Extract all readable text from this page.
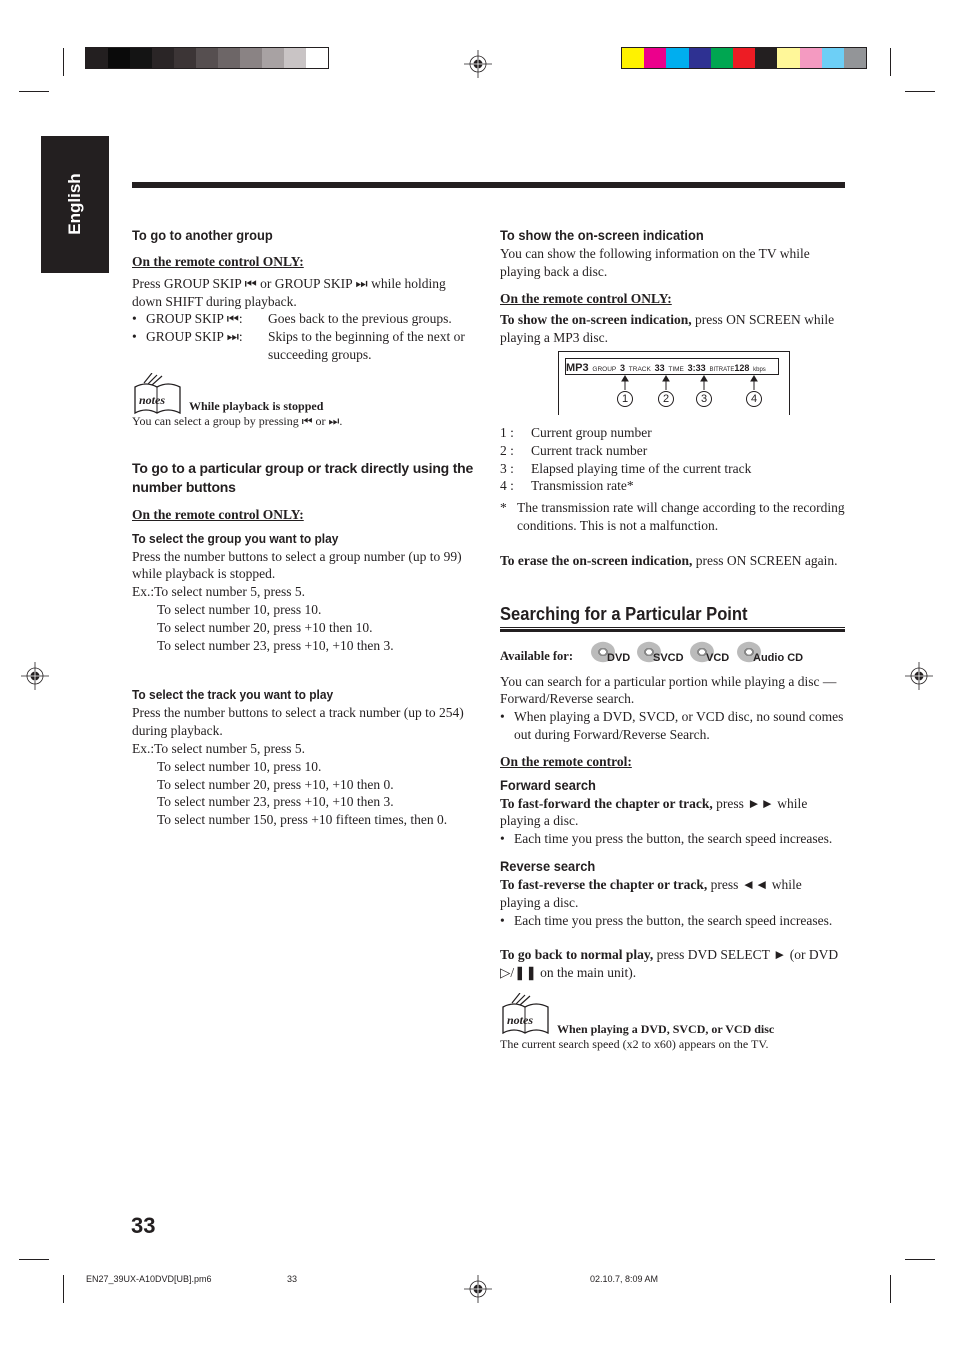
English
To go to another group

On the remote control ONLY:

Press GROUP SKIP ⏮ or GROUP SKIP ⏭ while holding down SHIFT during playback.

• GROUP SKIP ⏮:	Goes back to the previous groups.
• GROUP SKIP ⏭:	Skips to the beginning of the next or succeeding groups.
notes While playback is stopped
You can select a group by pressing ⏮ or ⏭.
To go to a particular group or track directly using the number buttons

On the remote control ONLY:

To select the group you want to play

Press the number buttons to select a group number (up to 99) while playback is stopped.

Ex.:To select number 5, press 5.

To select number 10, press 10.

To select number 20, press +10 then 10.

To select number 23, press +10, +10 then 3.

To select the track you want to play

Press the number buttons to select a track number (up to 254) during playback.

Ex.:To select number 5, press 5.

To select number 10, press 10.

To select number 20, press +10, +10 then 0.

To select number 23, press +10, +10 then 3.

To select number 150, press +10 fifteen times, then 0.

To show the on-screen indication

You can show the following information on the TV while playing back a disc.

On the remote control ONLY:

To show the on-screen indication, press ON SCREEN while playing a MP3 disc.

MP3 GROUP 3 TRACK 33 TIME 3:33 BITRATE128 kbps
1	2	3	4
1 :	Current group number
2 :	Current track number
3 :	Elapsed playing time of the current track
4 :	Transmission rate*
* The transmission rate will change according to the recording conditions. This is not a malfunction.

To erase the on-screen indication, press ON SCREEN again.

Searching for a Particular Point
Available for:	DVD SVCD VCD Audio CD

You can search for a particular portion while playing a disc —Forward/Reverse search.

• When playing a DVD, SVCD, or VCD disc, no sound comes out during Forward/Reverse Search.

On the remote control:

Forward search

To fast-forward the chapter or track, press ►► while playing a disc.

• Each time you press the button, the search speed increases.

Reverse search

To fast-reverse the chapter or track, press ◄◄ while playing a disc.

• Each time you press the button, the search speed increases.

To go back to normal play, press DVD SELECT ► (or DVD ▷/❚❚ on the main unit).

notes
When playing a DVD, SVCD, or VCD disc
The current search speed (x2 to x60) appears on the TV.
33
EN27_39UX-A10DVD[UB].pm6	33	02.10.7, 8:09 AM
